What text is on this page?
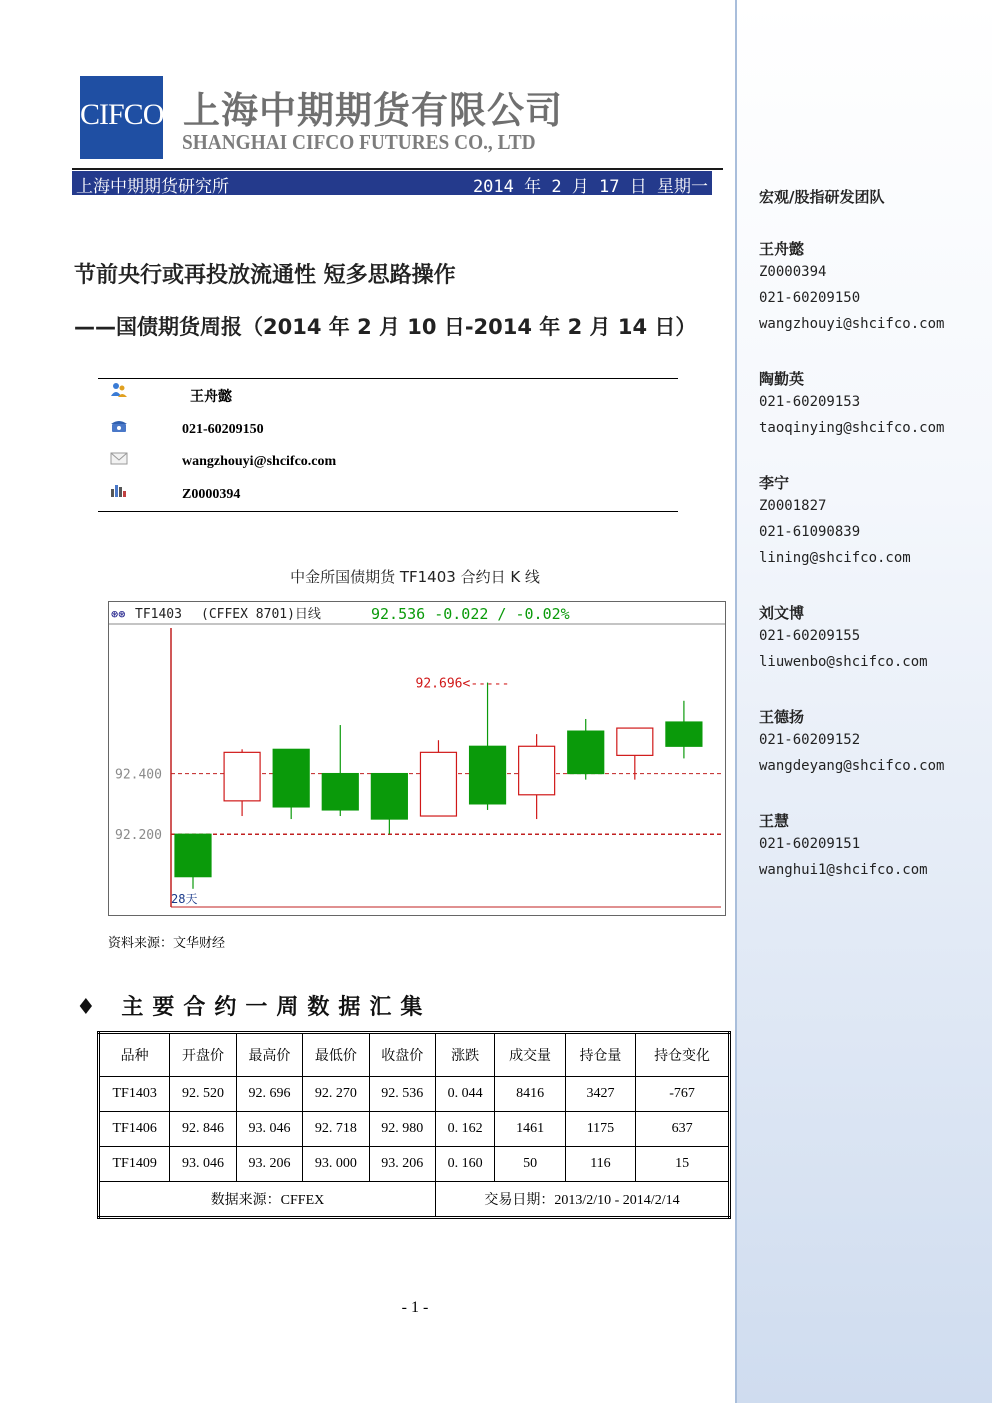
宏观/股指研发团队
王舟懿
Z0000394
021-60209150
wangzhouyi@shcifco.com
陶勤英
021-60209153
taoqinying@shcifco.com
李宁
Z0001827
021-61090839
lining@shcifco.com
刘文博
021-60209155
liuwenbo@shcifco.com
王德扬
021-60209152
wangdeyang@shcifco.com
王慧
021-60209151
wanghui1@shcifco.com
CIFCO 上海中期期货有限公司
SHANGHAI CIFCO FUTURES CO., LTD
上海中期期货研究所	2014 年 2 月 17 日 星期一
节前央行或再投放流通性 短多思路操作
——国债期货周报（2014 年 2 月 10 日-2014 年 2 月 14 日）
王舟懿
021-60209150
wangzhouyi@shcifco.com
Z0000394
中金所国债期货 TF1403 合约日 K 线
⊛⊛ TF1403 (CFFEX 8701)日线	92.536 -0.022 / -0.02%
92.400
92.200
92.696<-----
28天
资料来源：文华财经
♦ 主要合约一周数据汇集
品种	开盘价	最高价	最低价	收盘价	涨跌	成交量	持仓量	持仓变化
TF1403	92. 520	92. 696	92. 270	92. 536	0. 044	8416	3427	-767
TF1406	92. 846	93. 046	92. 718	92. 980	0. 162	1461	1175	637
TF1409	93. 046	93. 206	93. 000	93. 206	0. 160	50	116	15
数据来源：CFFEX					交易日期：2013/2/10 - 2014/2/14			
- 1 -
